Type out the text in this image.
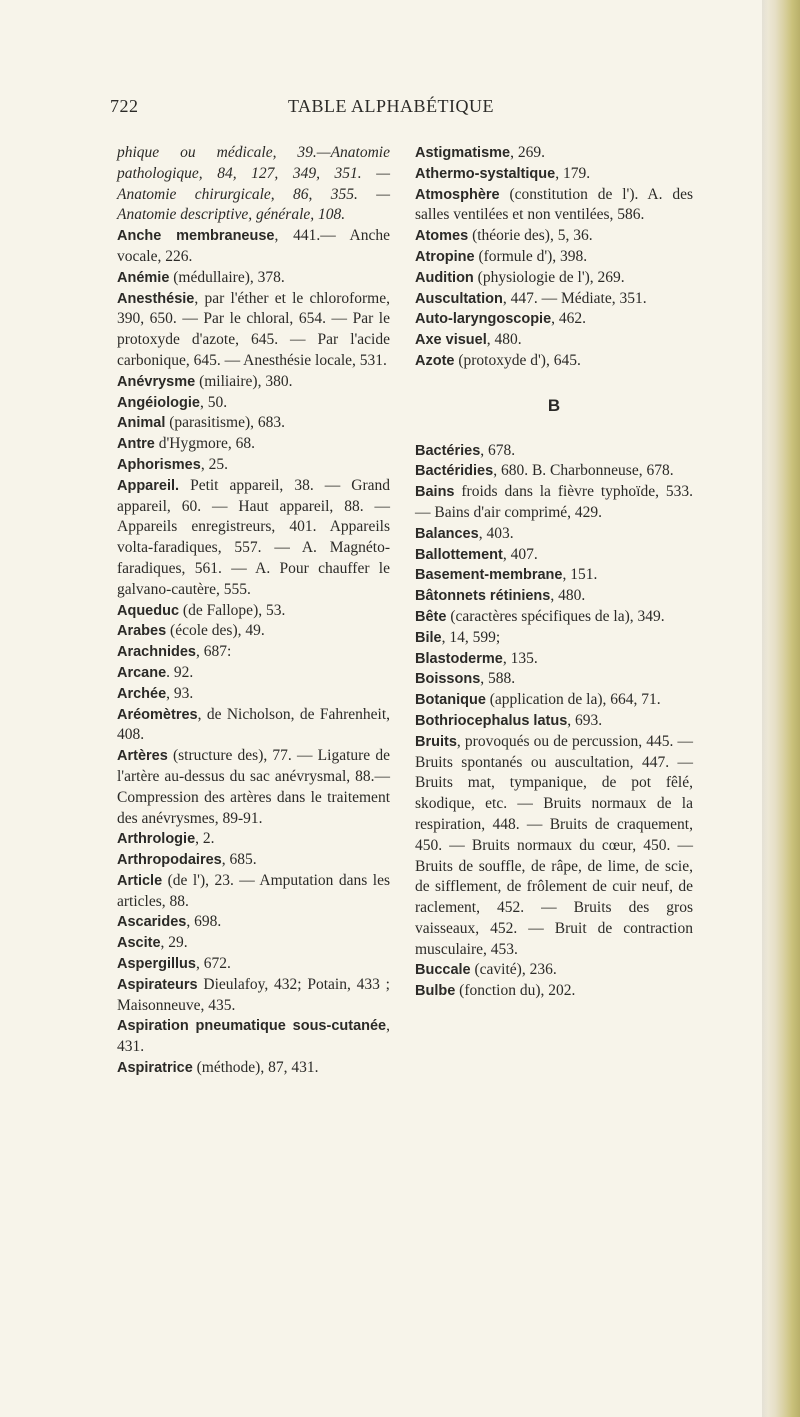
722	TABLE ALPHABÉTIQUE

phique ou médicale, 39.—Anatomie pathologique, 84, 127, 349, 351. — Anatomie chirurgicale, 86, 355. — Anatomie descriptive, générale, 108.

Anche membraneuse, 441.— Anche vocale, 226.

Anémie (médullaire), 378.

Anesthésie, par l'éther et le chloroforme, 390, 650. — Par le chloral, 654. — Par le protoxyde d'azote, 645. — Par l'acide carbonique, 645. — Anesthésie locale, 531.

Anévrysme (miliaire), 380.

Angéiologie, 50.

Animal (parasitisme), 683.

Antre d'Hygmore, 68.

Aphorismes, 25.

Appareil. Petit appareil, 38. — Grand appareil, 60. — Haut appareil, 88. — Appareils enregistreurs, 401. Appareils volta-faradiques, 557. — A. Magnéto-faradiques, 561. — A. Pour chauffer le galvano-cautère, 555.

Aqueduc (de Fallope), 53.

Arabes (école des), 49.

Arachnides, 687:

Arcane. 92.

Archée, 93.

Aréomètres, de Nicholson, de Fahrenheit, 408.

Artères (structure des), 77. — Ligature de l'artère au-dessus du sac anévrysmal, 88.— Compression des artères dans le traitement des anévrysmes, 89-91.

Arthrologie, 2.

Arthropodaires, 685.

Article (de l'), 23. — Amputation dans les articles, 88.

Ascarides, 698.

Ascite, 29.

Aspergillus, 672.

Aspirateurs Dieulafoy, 432; Potain, 433 ; Maisonneuve, 435.

Aspiration pneumatique sous-cutanée, 431.

Aspiratrice (méthode), 87, 431.

Astigmatisme, 269.

Athermo-systaltique, 179.

Atmosphère (constitution de l'). A. des salles ventilées et non ventilées, 586.

Atomes (théorie des), 5, 36.

Atropine (formule d'), 398.

Audition (physiologie de l'), 269.

Auscultation, 447. — Médiate, 351.

Auto-laryngoscopie, 462.

Axe visuel, 480.

Azote (protoxyde d'), 645.

B

Bactéries, 678.

Bactéridies, 680. B. Charbonneuse, 678.

Bains froids dans la fièvre typhoïde, 533. — Bains d'air comprimé, 429.

Balances, 403.

Ballottement, 407.

Basement-membrane, 151.

Bâtonnets rétiniens, 480.

Bête (caractères spécifiques de la), 349.

Bile, 14, 599;

Blastoderme, 135.

Boissons, 588.

Botanique (application de la), 664, 71.

Bothriocephalus latus, 693.

Bruits, provoqués ou de percussion, 445. — Bruits spontanés ou auscultation, 447. — Bruits mat, tympanique, de pot fêlé, skodique, etc. — Bruits normaux de la respiration, 448. — Bruits de craquement, 450. — Bruits normaux du cœur, 450. — Bruits de souffle, de râpe, de lime, de scie, de sifflement, de frôlement de cuir neuf, de raclement, 452. — Bruits des gros vaisseaux, 452. — Bruit de contraction musculaire, 453.

Buccale (cavité), 236.

Bulbe (fonction du), 202.
